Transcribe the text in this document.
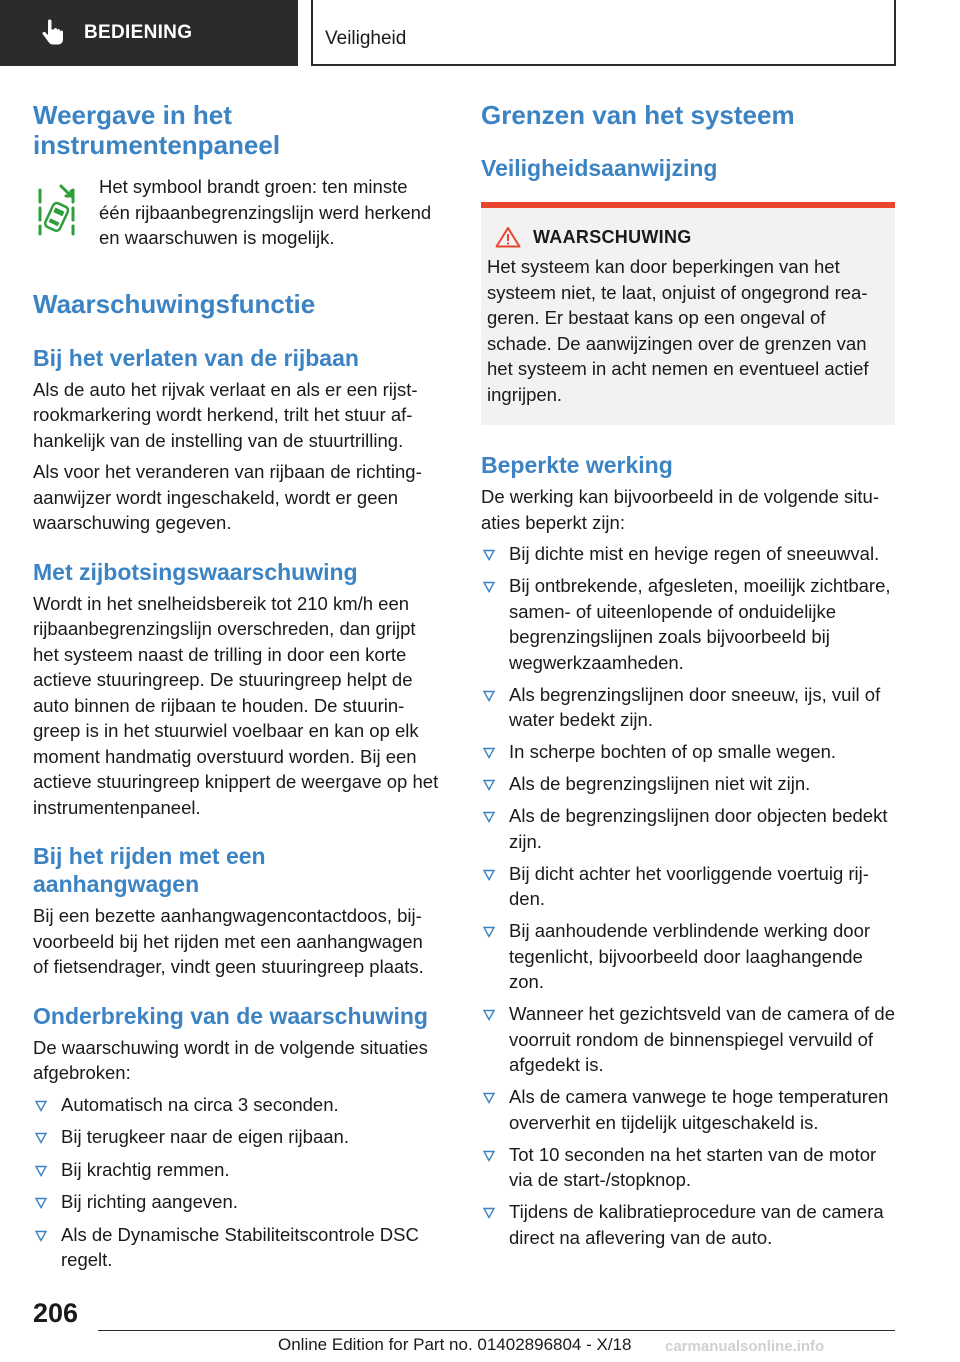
BEDIENING	Veiligheid
Weergave in het instrumentenpaneel

Het symbool brandt groen: ten minste één rijbaanbegrenzingslijn werd herkend en waarschuwen is mogelijk.

Waarschuwingsfunctie
Bij het verlaten van de rijbaan

Als de auto het rijvak verlaat en als er een rijstrookmarkering wordt herkend, trilt het stuur afhankelijk van de instelling van de stuurtrilling.

Als voor het veranderen van rijbaan de richtingaanwijzer wordt ingeschakeld, wordt er geen waarschuwing gegeven.

Met zijbotsingswaarschuwing

Wordt in het snelheidsbereik tot 210 km/h een rijbaanbegrenzingslijn overschreden, dan grijpt het systeem naast de trilling in door een korte actieve stuuringreep. De stuuringreep helpt de auto binnen de rijbaan te houden. De stuuringreep is in het stuurwiel voelbaar en kan op elk moment handmatig overstuurd worden. Bij een actieve stuuringreep knippert de weergave op het instrumentenpaneel.

Bij het rijden met een aanhangwagen

Bij een bezette aanhangwagencontactdoos, bijvoorbeeld bij het rijden met een aanhangwagen of fietsendrager, vindt geen stuuringreep plaats.

Onderbreking van de waarschuwing

De waarschuwing wordt in de volgende situaties afgebroken:

Automatisch na circa 3 seconden.
Bij terugkeer naar de eigen rijbaan.
Bij krachtig remmen.
Bij richting aangeven.
Als de Dynamische Stabiliteitscontrole DSC regelt.
Grenzen van het systeem
Veiligheidsaanwijzing
WAARSCHUWING

Het systeem kan door beperkingen van het systeem niet, te laat, onjuist of ongegrond reageren. Er bestaat kans op een ongeval of schade. De aanwijzingen over de grenzen van het systeem in acht nemen en eventueel actief ingrijpen.

Beperkte werking

De werking kan bijvoorbeeld in de volgende situaties beperkt zijn:

Bij dichte mist en hevige regen of sneeuwval.
Bij ontbrekende, afgesleten, moeilijk zichtbare, samen- of uiteenlopende of onduidelijke begrenzingslijnen zoals bijvoorbeeld bij wegwerkzaamheden.
Als begrenzingslijnen door sneeuw, ijs, vuil of water bedekt zijn.
In scherpe bochten of op smalle wegen.
Als de begrenzingslijnen niet wit zijn.
Als de begrenzingslijnen door objecten bedekt zijn.
Bij dicht achter het voorliggende voertuig rijden.
Bij aanhoudende verblindende werking door tegenlicht, bijvoorbeeld door laaghangende zon.
Wanneer het gezichtsveld van de camera of de voorruit rondom de binnenspiegel vervuild of afgedekt is.
Als de camera vanwege te hoge temperaturen oververhit en tijdelijk uitgeschakeld is.
Tot 10 seconden na het starten van de motor via de start-/stopknop.
Tijdens de kalibratieprocedure van de camera direct na aflevering van de auto.
206
Online Edition for Part no. 01402896804 - X/18 carmanualsonline.info
